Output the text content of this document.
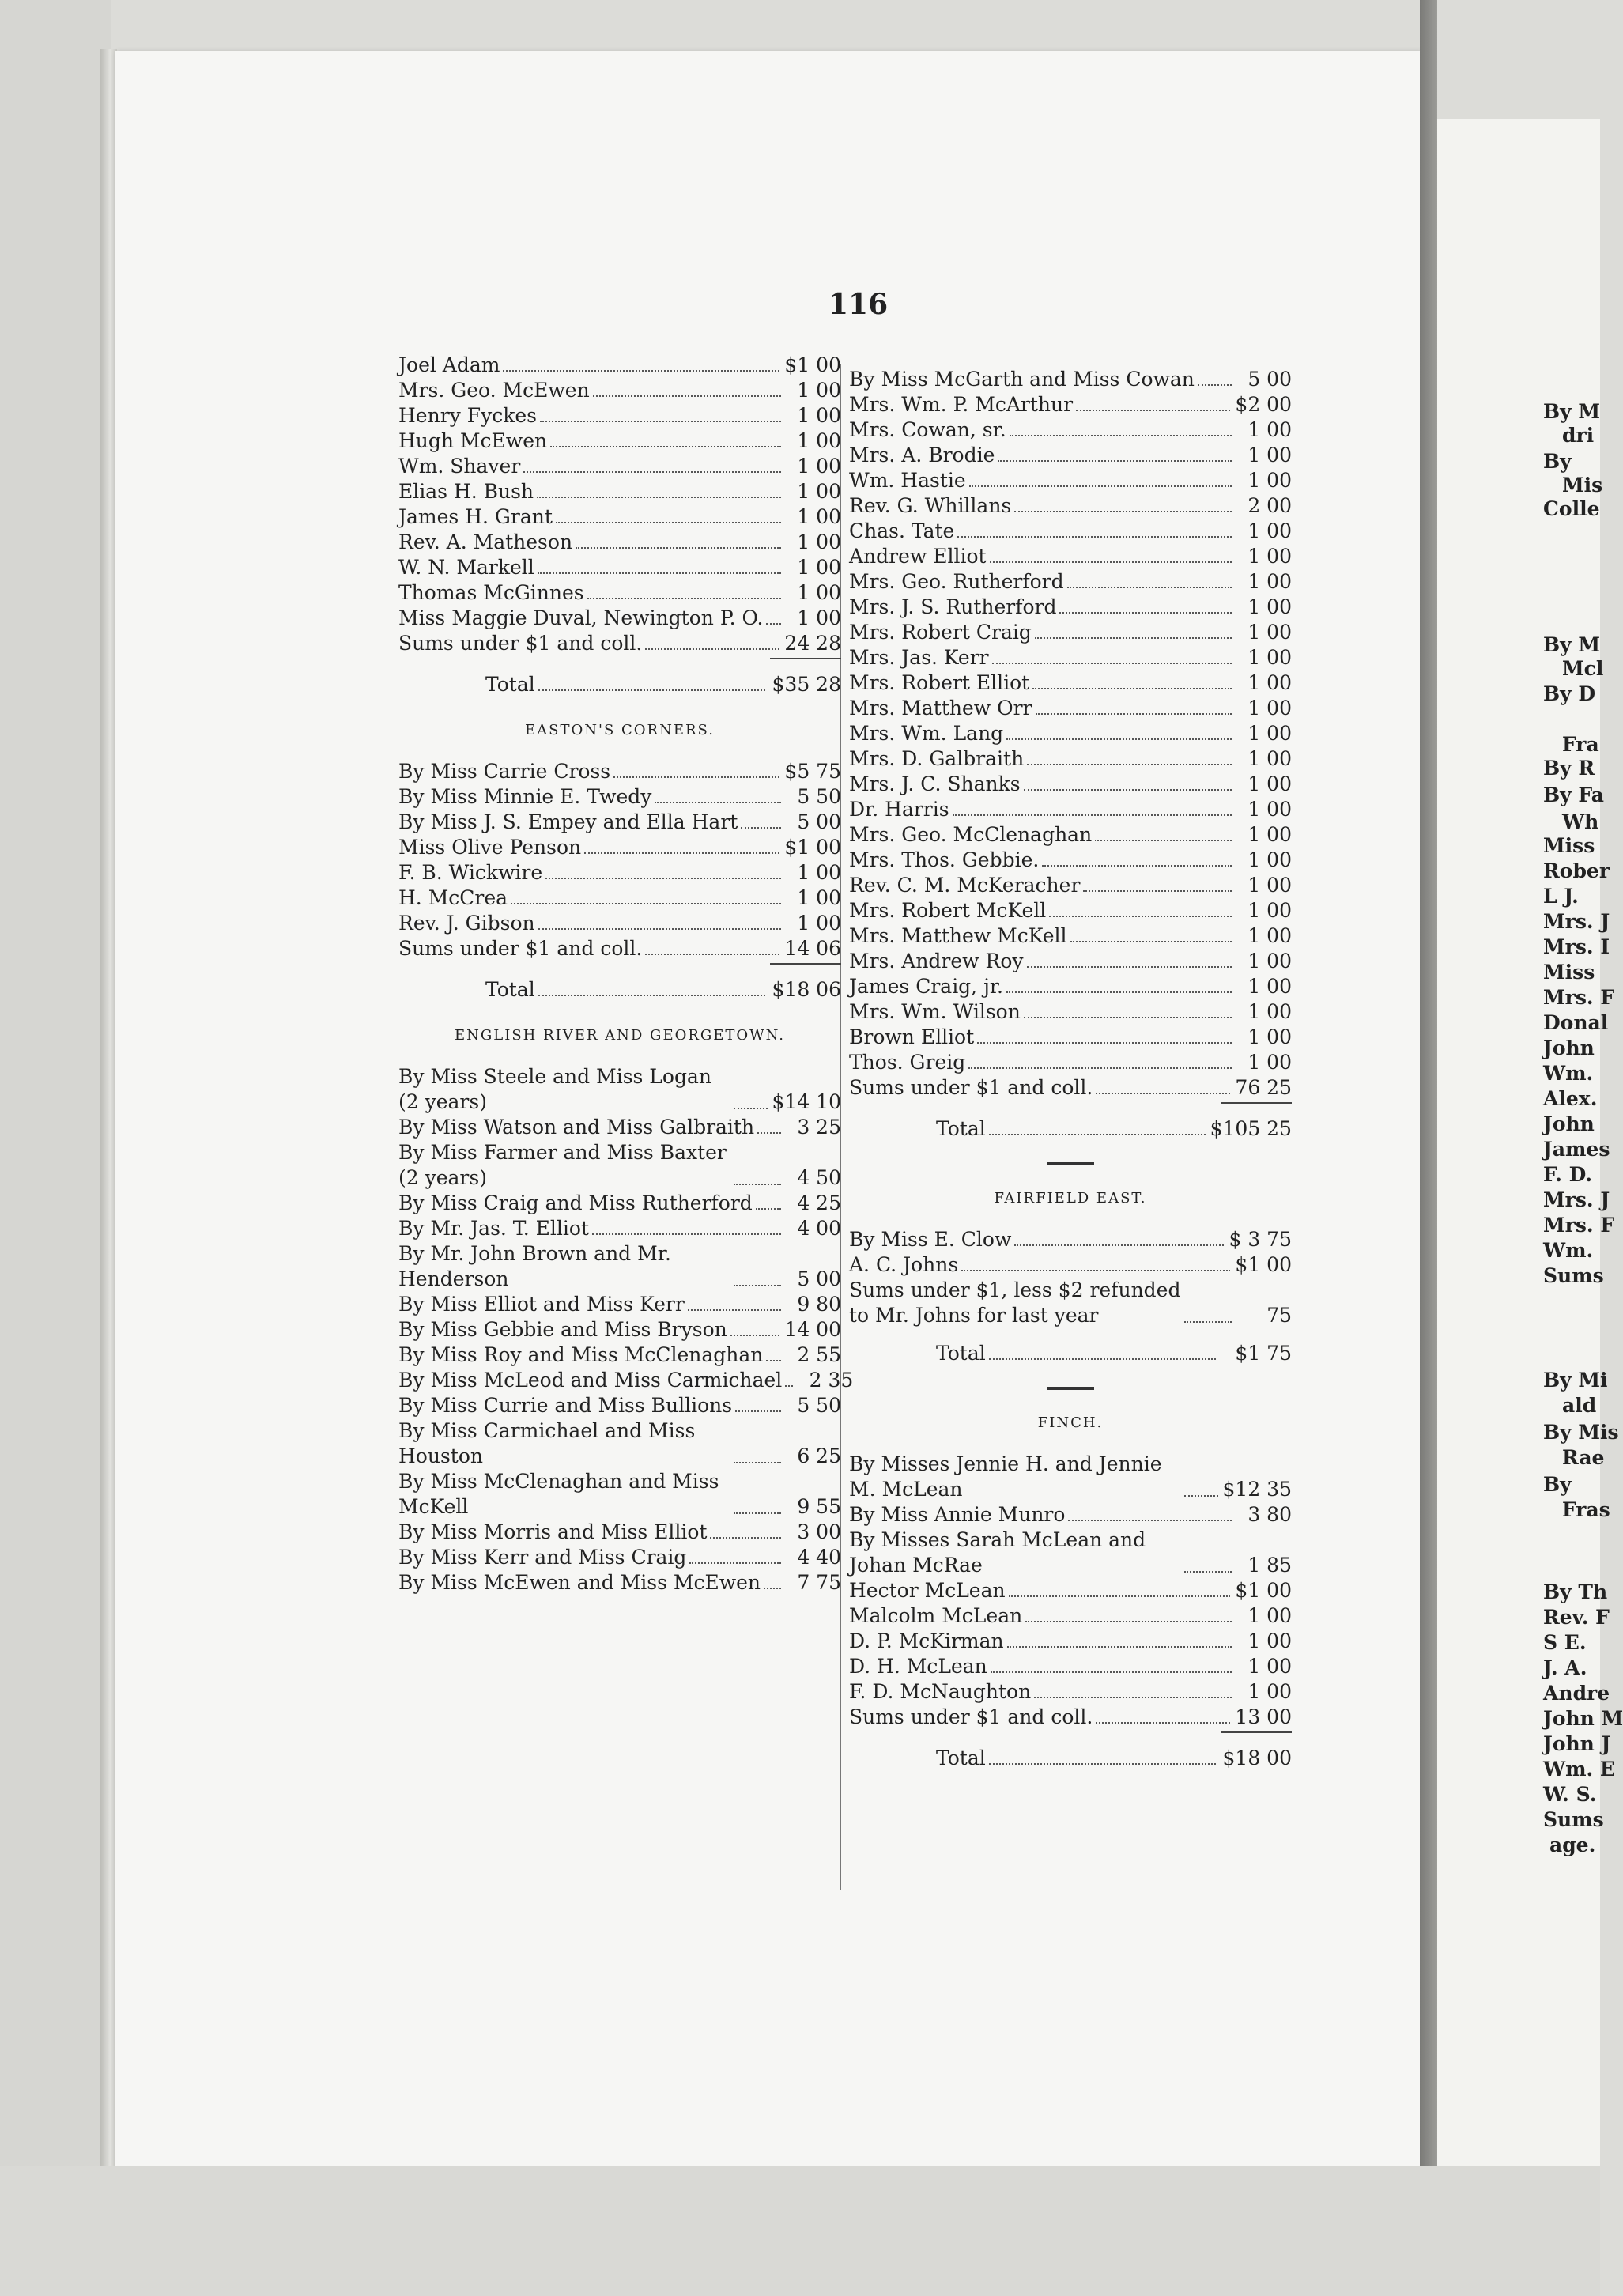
116
Joel Adam	$1 00
Mrs. Geo. McEwen	1 00
Henry Fyckes	1 00
Hugh McEwen	1 00
Wm. Shaver	1 00
Elias H. Bush	1 00
James H. Grant	1 00
Rev. A. Matheson	1 00
W. N. Markell	1 00
Thomas McGinnes	1 00
Miss Maggie Duval, Newington P. O.	1 00
Sums under $1 and coll.	24 28
Total	$35 28
EASTON'S CORNERS.
By Miss Carrie Cross	$5 75
By Miss Minnie E. Twedy	5 50
By Miss J. S. Empey and Ella Hart	5 00
Miss Olive Penson	$1 00
F. B. Wickwire	1 00
H. McCrea	1 00
Rev. J. Gibson	1 00
Sums under $1 and coll.	14 06
Total	$18 06
ENGLISH RIVER AND GEORGETOWN.
By Miss Steele and Miss Logan (2 years)	$14 10
By Miss Watson and Miss Galbraith	3 25
By Miss Farmer and Miss Baxter (2 years)	4 50
By Miss Craig and Miss Rutherford	4 25
By Mr. Jas. T. Elliot	4 00
By Mr. John Brown and Mr. Henderson	5 00
By Miss Elliot and Miss Kerr	9 80
By Miss Gebbie and Miss Bryson	14 00
By Miss Roy and Miss McClenaghan	2 55
By Miss McLeod and Miss Carmichael	2 35
By Miss Currie and Miss Bullions	5 50
By Miss Carmichael and Miss Houston	6 25
By Miss McClenaghan and Miss McKell	9 55
By Miss Morris and Miss Elliot	3 00
By Miss Kerr and Miss Craig	4 40
By Miss McEwen and Miss McEwen	7 75
By Miss McGarth and Miss Cowan	5 00
Mrs. Wm. P. McArthur	$2 00
Mrs. Cowan, sr.	1 00
Mrs. A. Brodie	1 00
Wm. Hastie	1 00
Rev. G. Whillans	2 00
Chas. Tate	1 00
Andrew Elliot	1 00
Mrs. Geo. Rutherford	1 00
Mrs. J. S. Rutherford	1 00
Mrs. Robert Craig	1 00
Mrs. Jas. Kerr	1 00
Mrs. Robert Elliot	1 00
Mrs. Matthew Orr	1 00
Mrs. Wm. Lang	1 00
Mrs. D. Galbraith	1 00
Mrs. J. C. Shanks	1 00
Dr. Harris	1 00
Mrs. Geo. McClenaghan	1 00
Mrs. Thos. Gebbie.	1 00
Rev. C. M. McKeracher	1 00
Mrs. Robert McKell	1 00
Mrs. Matthew McKell	1 00
Mrs. Andrew Roy	1 00
James Craig, jr.	1 00
Mrs. Wm. Wilson	1 00
Brown Elliot	1 00
Thos. Greig	1 00
Sums under $1 and coll.	76 25
Total	$105 25
FAIRFIELD EAST.
By Miss E. Clow	$ 3 75
A. C. Johns	$1 00
Sums under $1, less $2 refunded to Mr. Johns for last year	75
Total	$1 75
FINCH.
By Misses Jennie H. and Jennie M. McLean	$12 35
By Miss Annie Munro	3 80
By Misses Sarah McLean and Johan McRae	1 85
Hector McLean	$1 00
Malcolm McLean	1 00
D. P. McKirman	1 00
D. H. McLean	1 00
F. D. McNaughton	1 00
Sums under $1 and coll.	13 00
Total	$18 00
By M
dri
By
Mis
Colle
By M
Mcl
By D
Fra
By R
By Fa
Wh
Miss
Rober
L J.
Mrs. J
Mrs. I
Miss
Mrs. F
Donal
John
Wm.
Alex.
John
James
F. D.
Mrs. J
Mrs. F
Wm.
Sums
By Mi
ald
By Mis
Rae
By
Fras
By Th
Rev. F
S E.
J. A.
Andre
John M
John J
Wm. E
W. S.
Sums
age.
